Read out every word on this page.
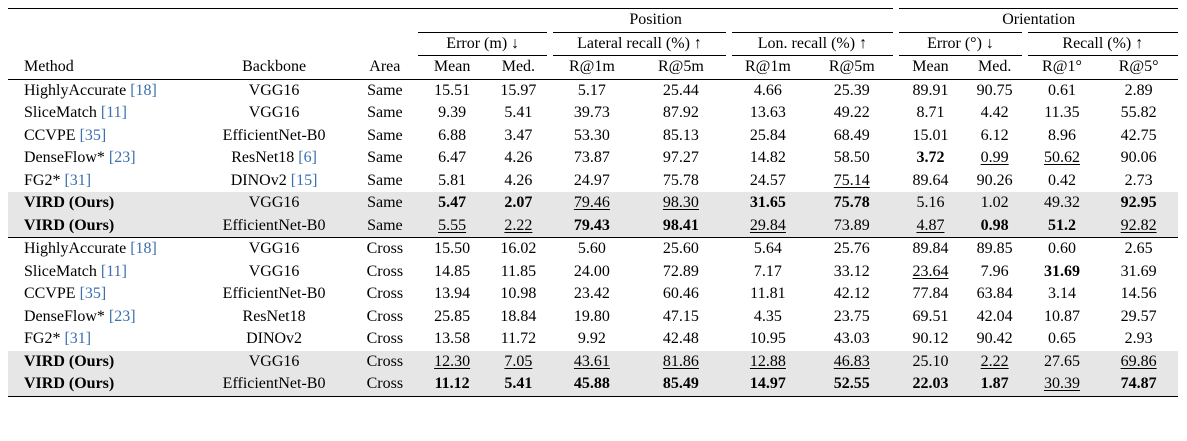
			Position						Orientation			
			Error (m) ↓		Lateral recall (%) ↑		Lon. recall (%) ↑		Error (°) ↓		Recall (%) ↑	
Method	Backbone	Area	Mean	Med.	R@1m	R@5m	R@1m	R@5m	Mean	Med.	R@1°	R@5°
HighlyAccurate [18]	VGG16	Same	15.51	15.97	5.17	25.44	4.66	25.39	89.91	90.75	0.61	2.89
SliceMatch [11]	VGG16	Same	9.39	5.41	39.73	87.92	13.63	49.22	8.71	4.42	11.35	55.82
CCVPE [35]	EfficientNet-B0	Same	6.88	3.47	53.30	85.13	25.84	68.49	15.01	6.12	8.96	42.75
DenseFlow* [23]	ResNet18 [6]	Same	6.47	4.26	73.87	97.27	14.82	58.50	3.72	0.99	50.62	90.06
FG2* [31]	DINOv2 [15]	Same	5.81	4.26	24.97	75.78	24.57	75.14	89.64	90.26	0.42	2.73
VIRD (Ours)	VGG16	Same	5.47	2.07	79.46	98.30	31.65	75.78	5.16	1.02	49.32	92.95
VIRD (Ours)	EfficientNet-B0	Same	5.55	2.22	79.43	98.41	29.84	73.89	4.87	0.98	51.2	92.82
HighlyAccurate [18]	VGG16	Cross	15.50	16.02	5.60	25.60	5.64	25.76	89.84	89.85	0.60	2.65
SliceMatch [11]	VGG16	Cross	14.85	11.85	24.00	72.89	7.17	33.12	23.64	7.96	31.69	31.69
CCVPE [35]	EfficientNet-B0	Cross	13.94	10.98	23.42	60.46	11.81	42.12	77.84	63.84	3.14	14.56
DenseFlow* [23]	ResNet18	Cross	25.85	18.84	19.80	47.15	4.35	23.75	69.51	42.04	10.87	29.57
FG2* [31]	DINOv2	Cross	13.58	11.72	9.92	42.48	10.95	43.03	90.12	90.42	0.65	2.93
VIRD (Ours)	VGG16	Cross	12.30	7.05	43.61	81.86	12.88	46.83	25.10	2.22	27.65	69.86
VIRD (Ours)	EfficientNet-B0	Cross	11.12	5.41	45.88	85.49	14.97	52.55	22.03	1.87	30.39	74.87
